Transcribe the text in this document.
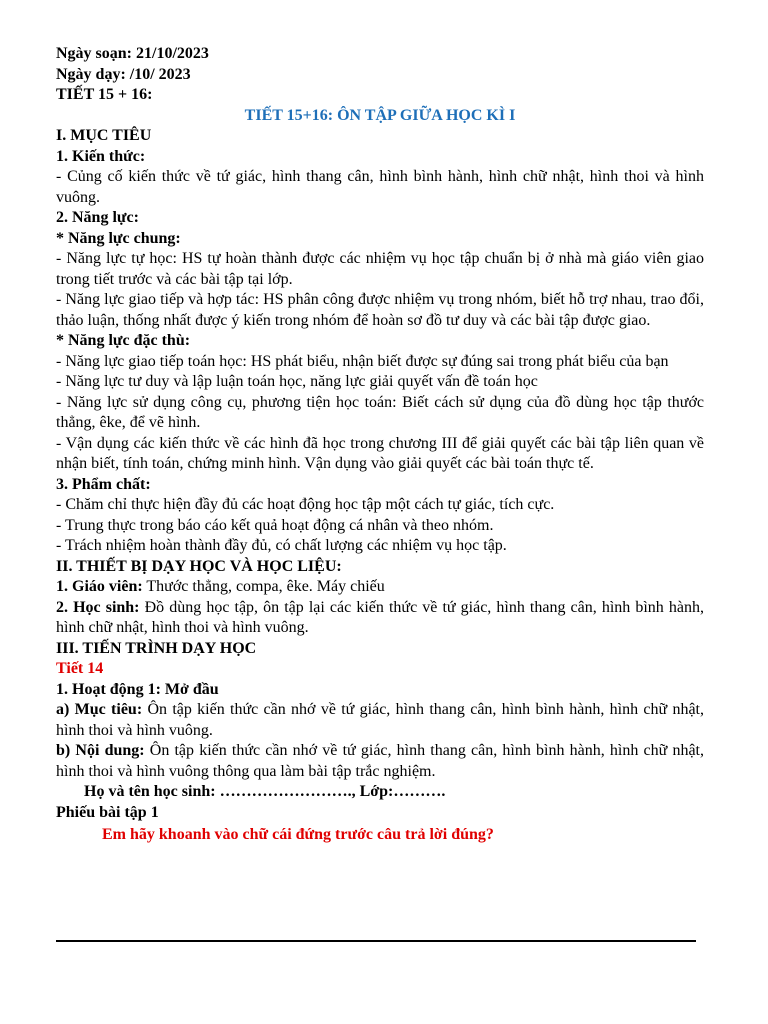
Ngày soạn: 21/10/2023

Ngày dạy: /10/ 2023

TIẾT 15 + 16:

TIẾT 15+16: ÔN TẬP GIỮA HỌC KÌ I

I. MỤC TIÊU

1. Kiến thức:

- Củng cố kiến thức về tứ giác, hình thang cân, hình bình hành, hình chữ nhật, hình thoi và hình vuông.

2. Năng lực:

* Năng lực chung:

- Năng lực tự học: HS tự hoàn thành được các nhiệm vụ học tập chuẩn bị ở nhà mà giáo viên giao trong tiết trước và các bài tập tại lớp.

- Năng lực giao tiếp và hợp tác: HS phân công được nhiệm vụ trong nhóm, biết hỗ trợ nhau, trao đổi, thảo luận, thống nhất được ý kiến trong nhóm để hoàn sơ đồ tư duy và các bài tập được giao.

* Năng lực đặc thù:

- Năng lực giao tiếp toán học: HS phát biểu, nhận biết được sự đúng sai trong phát biểu của bạn

- Năng lực tư duy và lập luận toán học, năng lực giải quyết vấn đề toán học

- Năng lực sử dụng công cụ, phương tiện học toán: Biết cách sử dụng của đồ dùng học tập thước thẳng, êke, để vẽ hình.

- Vận dụng các kiến thức về các hình đã học trong chương III để giải quyết các bài tập liên quan về nhận biết, tính toán, chứng minh hình. Vận dụng vào giải quyết các bài toán thực tế.

3. Phẩm chất:

- Chăm chỉ thực hiện đầy đủ các hoạt động học tập một cách tự giác, tích cực.

- Trung thực trong báo cáo kết quả hoạt động cá nhân và theo nhóm.

- Trách nhiệm hoàn thành đầy đủ, có chất lượng các nhiệm vụ học tập.

II. THIẾT BỊ DẠY HỌC VÀ HỌC LIỆU:

1. Giáo viên: Thước thẳng, compa, êke. Máy chiếu

2. Học sinh: Đồ dùng học tập, ôn tập lại các kiến thức về tứ giác, hình thang cân, hình bình hành, hình chữ nhật, hình thoi và hình vuông.

III. TIẾN TRÌNH DẠY HỌC

Tiết 14

1. Hoạt động 1: Mở đầu

a) Mục tiêu: Ôn tập kiến thức cần nhớ về tứ giác, hình thang cân, hình bình hành, hình chữ nhật, hình thoi và hình vuông.

b) Nội dung: Ôn tập kiến thức cần nhớ về tứ giác, hình thang cân, hình bình hành, hình chữ nhật, hình thoi và hình vuông thông qua làm bài tập trắc nghiệm.

Họ và tên học sinh: ……………………., Lớp:……….

Phiếu bài tập 1

Em hãy khoanh vào chữ cái đứng trước câu trả lời đúng?
